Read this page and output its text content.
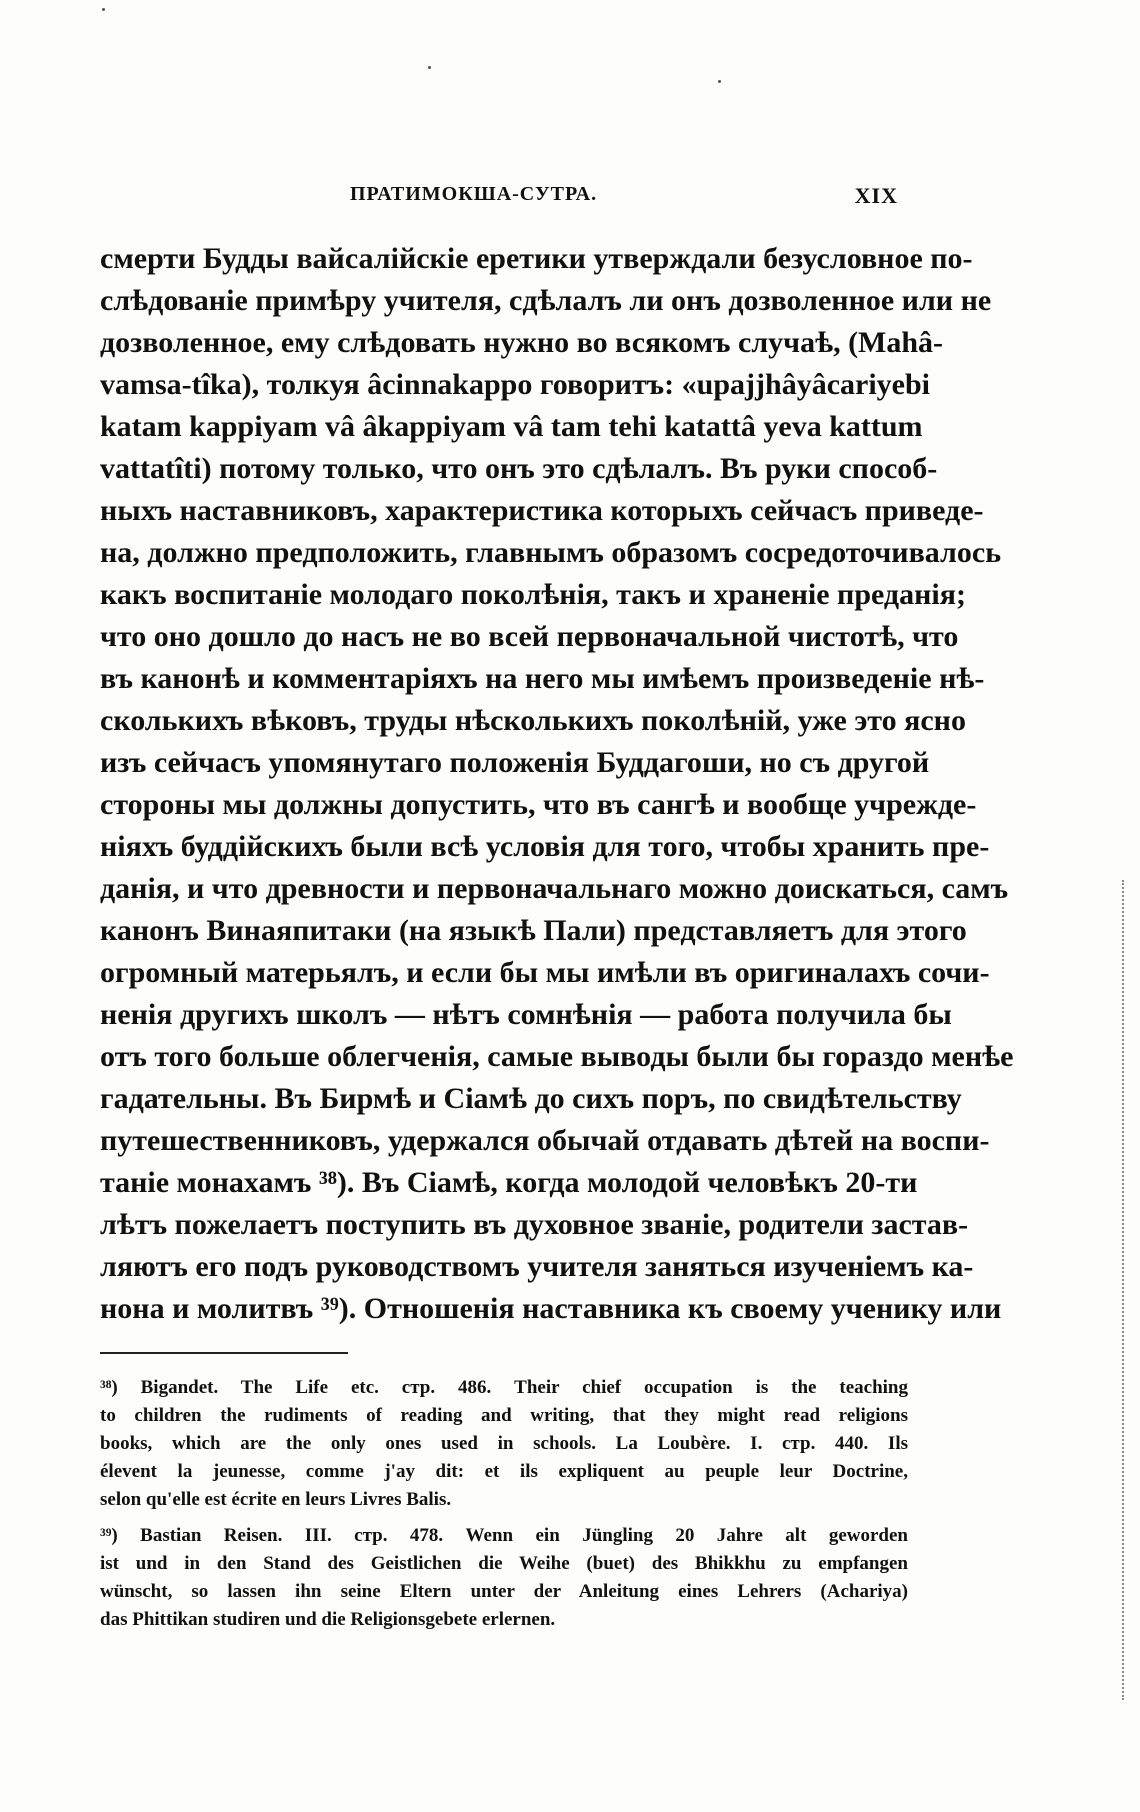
ПРАТИМОКША-СУТРА.	XIX
смерти Будды вайсалійскіе еретики утверждали безусловное по-
слѣдованіе примѣру учителя, сдѣлалъ ли онъ дозволенное или не
дозволенное, ему слѣдовать нужно во всякомъ случаѣ, (Mahâ-
vamsa-tîka), толкуя âcinnakappo говоритъ: «upajjhâyâcariyebi
katam kappiyam vâ âkappiyam vâ tam tehi katattâ yeva kattum
vattatîti) потому только, что онъ это сдѣлалъ. Въ руки способ-
ныхъ наставниковъ, характеристика которыхъ сейчасъ приведе-
на, должно предположить, главнымъ образомъ сосредоточивалось
какъ воспитаніе молодаго поколѣнія, такъ и храненіе преданія;
что оно дошло до насъ не во всей первоначальной чистотѣ, что
въ канонѣ и комментаріяхъ на него мы имѣемъ произведеніе нѣ-
сколькихъ вѣковъ, труды нѣсколькихъ поколѣній, уже это ясно
изъ сейчасъ упомянутаго положенія Буддагоши, но съ другой
стороны мы должны допустить, что въ сангѣ и вообще учрежде-
ніяхъ буддійскихъ были всѣ условія для того, чтобы хранить пре-
данія, и что древности и первоначальнаго можно доискаться, самъ
канонъ Винаяпитаки (на языкѣ Пали) представляетъ для этого
огромный матерьялъ, и если бы мы имѣли въ оригиналахъ сочи-
ненія другихъ школъ — нѣтъ сомнѣнія — работа получила бы
отъ того больше облегченія, самые выводы были бы гораздо менѣе
гадательны. Въ Бирмѣ и Сіамѣ до сихъ поръ, по свидѣтельству
путешественниковъ, удержался обычай отдавать дѣтей на воспи-
таніе монахамъ ³⁸). Въ Сіамѣ, когда молодой человѣкъ 20-ти
лѣтъ пожелаетъ поступить въ духовное званіе, родители застав-
ляютъ его подъ руководствомъ учителя заняться изученіемъ ка-
нона и молитвъ ³⁹). Отношенія наставника къ своему ученику или
³⁸) Bigandet. The Life etc. стр. 486. Their chief occupation is the teaching
to children the rudiments of reading and writing, that they might read religions
books, which are the only ones used in schools. La Loubère. I. стр. 440. Ils
élevent la jeunesse, comme j'ay dit: et ils expliquent au peuple leur Doctrine,
selon qu'elle est écrite en leurs Livres Balis.
³⁹) Bastian Reisen. III. стр. 478. Wenn ein Jüngling 20 Jahre alt geworden
ist und in den Stand des Geistlichen die Weihe (buet) des Bhikkhu zu empfangen
wünscht, so lassen ihn seine Eltern unter der Anleitung eines Lehrers (Achariya)
das Phittikan studiren und die Religionsgebete erlernen.
